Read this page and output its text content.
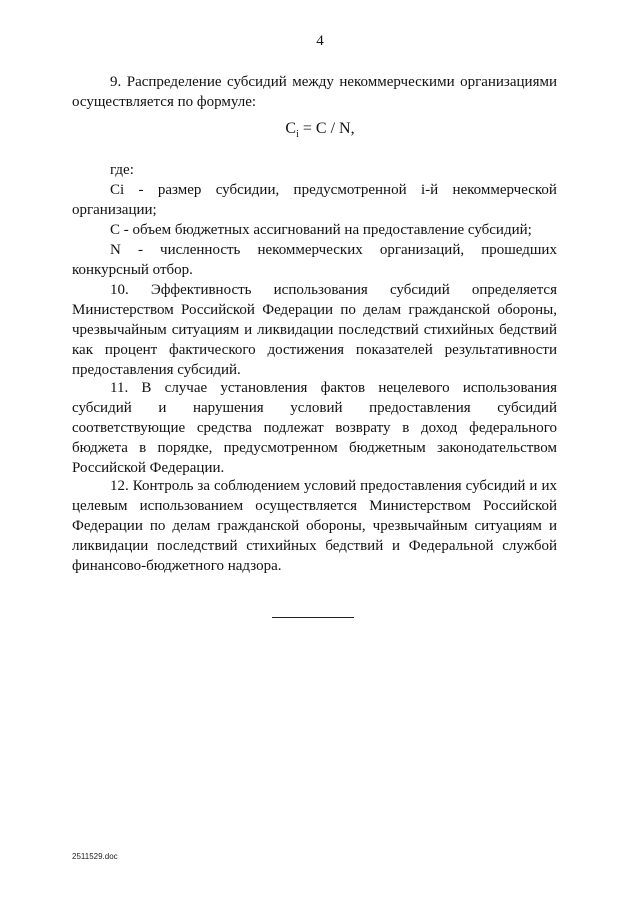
4

9. Распределение субсидий между некоммерческими организациями осуществляется по формуле:

$C_i = C / N$,
где:
Ci - размер субсидии, предусмотренной i-й некоммерческой
организации;
С - объем бюджетных ассигнований на предоставление субсидий;
N - численность некоммерческих организаций, прошедших
конкурсный отбор.

10. Эффективность использования субсидий определяется Министерством Российской Федерации по делам гражданской обороны, чрезвычайным ситуациям и ликвидации последствий стихийных бедствий как процент фактического достижения показателей результативности предоставления субсидий.

11. В случае установления фактов нецелевого использования субсидий и нарушения условий предоставления субсидий соответствующие средства подлежат возврату в доход федерального бюджета в порядке, предусмотренном бюджетным законодательством Российской Федерации.

12. Контроль за соблюдением условий предоставления субсидий и их целевым использованием осуществляется Министерством Российской Федерации по делам гражданской обороны, чрезвычайным ситуациям и ликвидации последствий стихийных бедствий и Федеральной службой финансово-бюджетного надзора.

2511529.doc
